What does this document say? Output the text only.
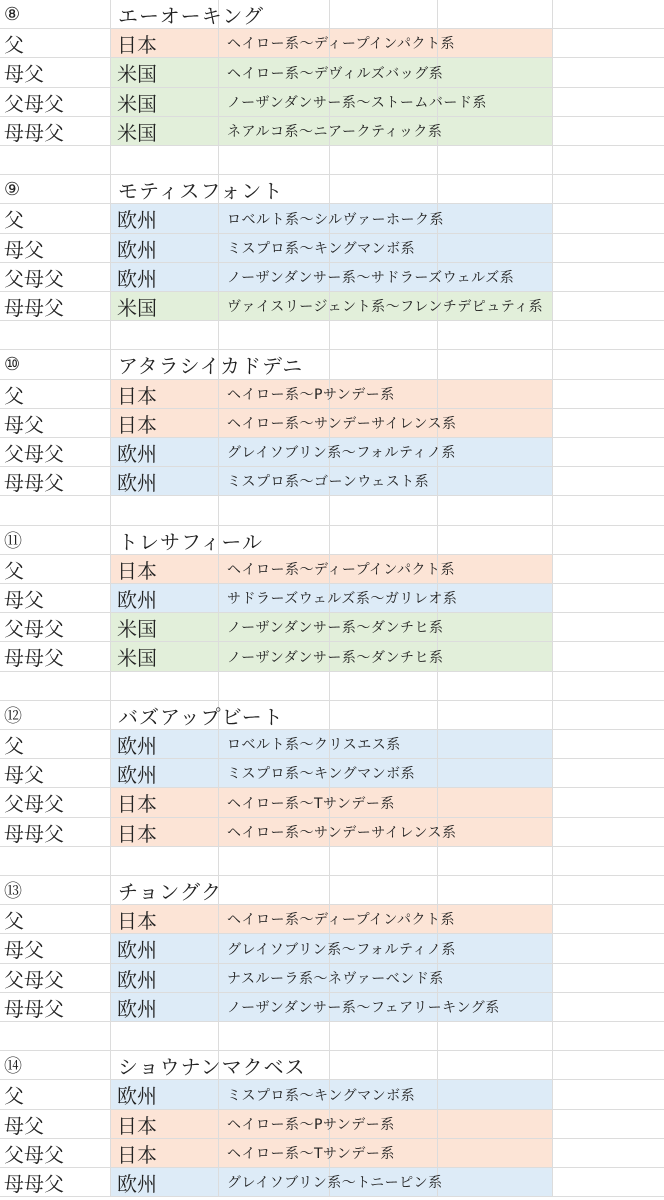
⑧	エーオーキング
父	日本	ヘイロー系～ディープインパクト系
母父	米国	ヘイロー系～デヴィルズバッグ系
父母父	米国	ノーザンダンサー系～ストームバード系
母母父	米国	ネアルコ系～ニアークティック系
⑨	モティスフォント
父	欧州	ロベルト系～シルヴァーホーク系
母父	欧州	ミスプロ系～キングマンボ系
父母父	欧州	ノーザンダンサー系～サドラーズウェルズ系
母母父	米国	ヴァイスリージェント系～フレンチデピュティ系
⑩	アタラシイカドデニ
父	日本	ヘイロー系～Pサンデー系
母父	日本	ヘイロー系～サンデーサイレンス系
父母父	欧州	グレイソブリン系～フォルティノ系
母母父	欧州	ミスプロ系～ゴーンウェスト系
⑪	トレサフィール
父	日本	ヘイロー系～ディープインパクト系
母父	欧州	サドラーズウェルズ系～ガリレオ系
父母父	米国	ノーザンダンサー系～ダンチヒ系
母母父	米国	ノーザンダンサー系～ダンチヒ系
⑫	バズアップビート
父	欧州	ロベルト系～クリスエス系
母父	欧州	ミスプロ系～キングマンボ系
父母父	日本	ヘイロー系～Tサンデー系
母母父	日本	ヘイロー系～サンデーサイレンス系
⑬	チョングク
父	日本	ヘイロー系～ディープインパクト系
母父	欧州	グレイソブリン系～フォルティノ系
父母父	欧州	ナスルーラ系～ネヴァーベンド系
母母父	欧州	ノーザンダンサー系～フェアリーキング系
⑭	ショウナンマクベス
父	欧州	ミスプロ系～キングマンボ系
母父	日本	ヘイロー系～Pサンデー系
父母父	日本	ヘイロー系～Tサンデー系
母母父	欧州	グレイソブリン系～トニーピン系
